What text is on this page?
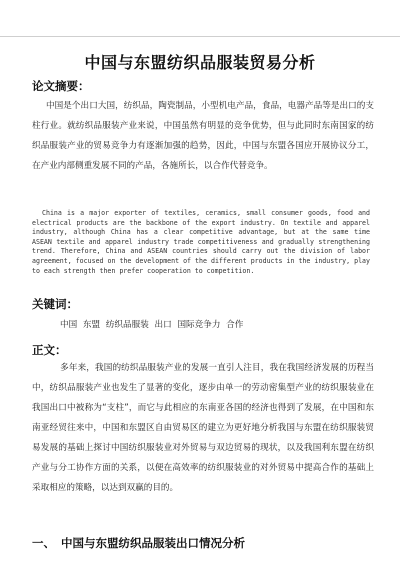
中国与东盟纺织品服装贸易分析
论文摘要：
中国是个出口大国，纺织品，陶瓷制品，小型机电产品，食品，电器产品等是出口的支柱行业。就纺织品服装产业来说，中国虽然有明显的竞争优势，但与此同时东南国家的纺织品服装产业的贸易竞争力有逐渐加强的趋势，因此，中国与东盟各国应开展协议分工，在产业内部侧重发展不同的产品，各施所长，以合作代替竞争。
China is a major exporter of textiles, ceramics, small consumer goods, food and electrical products are the backbone of the export industry. On textile and apparel industry, although China has a clear competitive advantage, but at the same time ASEAN textile and apparel industry trade competitiveness and gradually strengthening trend. Therefore, China and ASEAN countries should carry out the division of labor agreement, focused on the development of the different products in the industry, play to each strength then prefer cooperation to competition.
关键词：
中国 东盟 纺织品服装 出口 国际竞争力 合作
正文：
多年来，我国的纺织品服装产业的发展一直引人注目，我在我国经济发展的历程当中，纺织品服装产业也发生了显著的变化，逐步由单一的劳动密集型产业的纺织服装业在我国出口中被称为“支柱”，而它与此相应的东南亚各国的经济也得到了发展，在中国和东南亚经贸往来中，中国和东盟区自由贸易区的建立为更好地分析我国与东盟在纺织服装贸易发展的基础上探讨中国纺织服装业对外贸易与双边贸易的现状，以及我国利东盟在纺织产业与分工协作方面的关系，以便在高效率的纺织服装业的对外贸易中提高合作的基础上采取相应的策略，以达到双赢的目的。
一、 中国与东盟纺织品服装出口情况分析
